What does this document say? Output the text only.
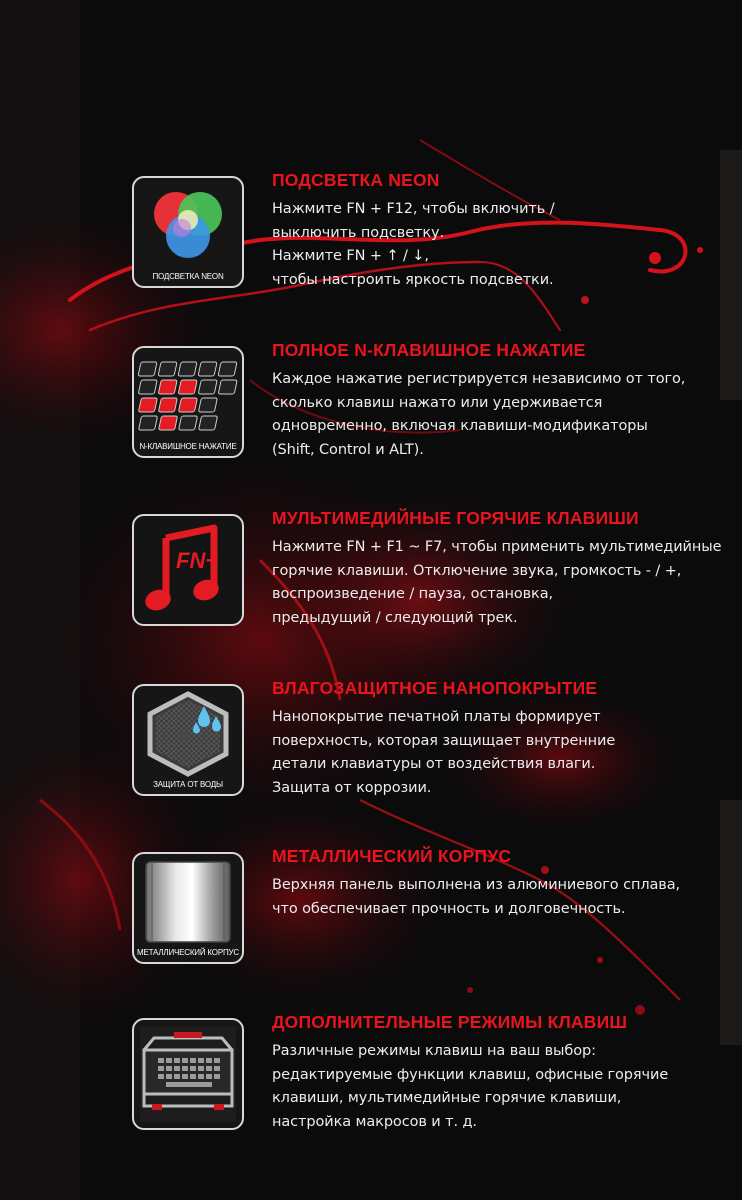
ПОДСВЕТКА NEON
ПОДСВЕТКА NEON
Нажмите FN + F12, чтобы включить /
выключить подсветку.
Нажмите FN + ↑ / ↓,
чтобы настроить яркость подсветки.
N-КЛАВИШНОЕ НАЖАТИЕ
ПОЛНОЕ N-КЛАВИШНОЕ НАЖАТИЕ
Каждое нажатие регистрируется независимо от того,
сколько клавиш нажато или удерживается
одновременно, включая клавиши-модификаторы
(Shift, Control и ALT).
FN+
МУЛЬТИМЕДИЙНЫЕ ГОРЯЧИЕ КЛАВИШИ
Нажмите FN + F1 ~ F7, чтобы применить мультимедийные
горячие клавиши. Отключение звука, громкость - / +,
воспроизведение / пауза, остановка,
предыдущий / следующий трек.
ЗАЩИТА ОТ ВОДЫ
ВЛАГОЗАЩИТНОЕ НАНОПОКРЫТИЕ
Нанопокрытие печатной платы формирует
поверхность, которая защищает внутренние
детали клавиатуры от воздействия влаги.
Защита от коррозии.
МЕТАЛЛИЧЕСКИЙ КОРПУС
МЕТАЛЛИЧЕСКИЙ КОРПУС
Верхняя панель выполнена из алюминиевого сплава,
что обеспечивает прочность и долговечность.
ДОПОЛНИТЕЛЬНЫЕ РЕЖИМЫ КЛАВИШ
Различные режимы клавиш на ваш выбор:
редактируемые функции клавиш, офисные горячие
клавиши, мультимедийные горячие клавиши,
настройка макросов и т. д.
